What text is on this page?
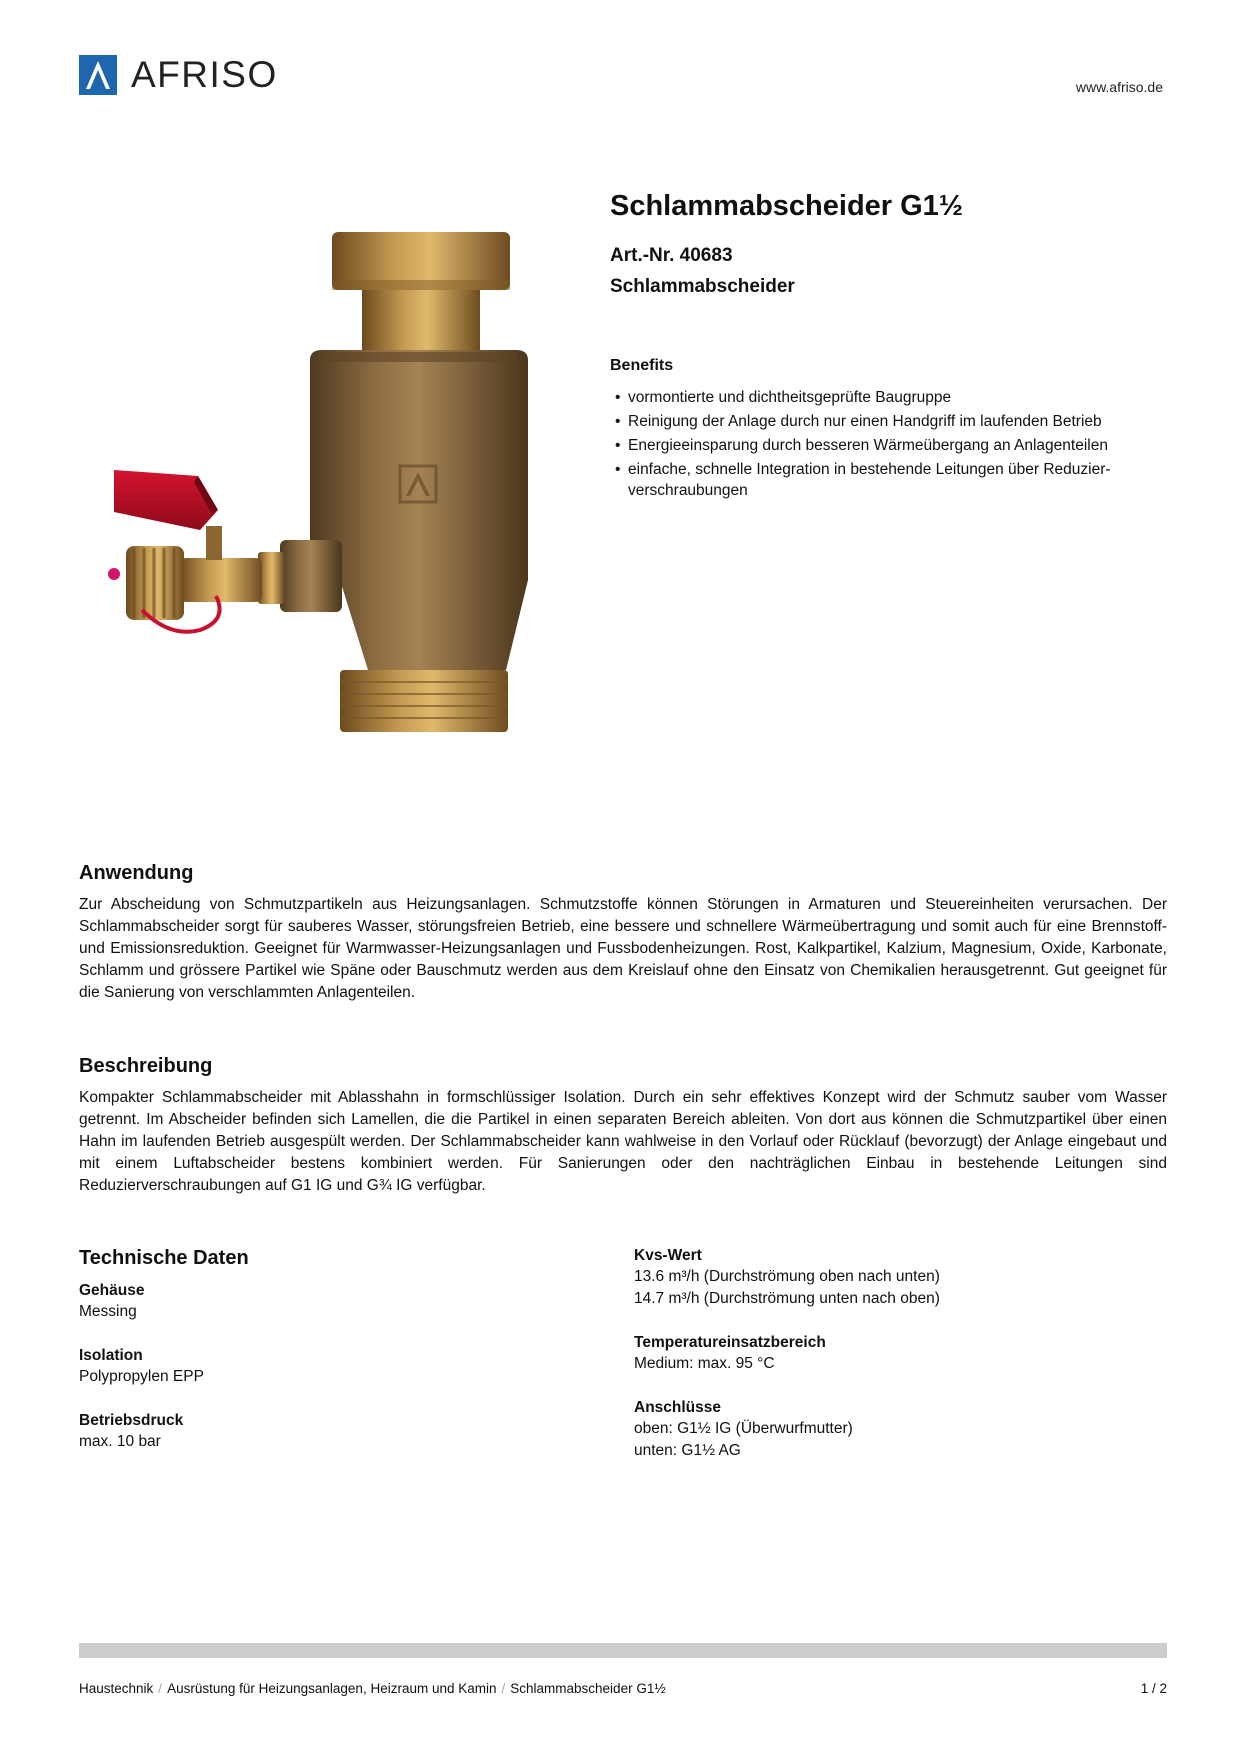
AFRISO	www.afriso.de
Schlammabscheider G1½
Art.-Nr. 40683
Schlammabscheider
Benefits
• vormontierte und dichtheitsgeprüfte Baugruppe
• Reinigung der Anlage durch nur einen Handgriff im laufenden Betrieb
• Energieeinsparung durch besseren Wärmeübergang an Anlagenteilen
• einfache, schnelle Integration in bestehende Leitungen über Reduzier-verschraubungen
Anwendung

Zur Abscheidung von Schmutzpartikeln aus Heizungsanlagen. Schmutzstoffe können Störungen in Armaturen und Steuereinheiten verursachen. Der Schlammabscheider sorgt für sauberes Wasser, störungsfreien Betrieb, eine bessere und schnellere Wärmeübertragung und somit auch für eine Brennstoff- und Emissionsreduktion. Geeignet für Warmwasser-Heizungsanlagen und Fussbodenheizungen. Rost, Kalkpartikel, Kalzium, Magnesium, Oxide, Karbonate, Schlamm und grössere Partikel wie Späne oder Bauschmutz werden aus dem Kreislauf ohne den Einsatz von Chemikalien herausgetrennt. Gut geeignet für die Sanierung von verschlammten Anlagenteilen.

Beschreibung

Kompakter Schlammabscheider mit Ablasshahn in formschlüssiger Isolation. Durch ein sehr effektives Konzept wird der Schmutz sauber vom Wasser getrennt. Im Abscheider befinden sich Lamellen, die die Partikel in einen separaten Bereich ableiten. Von dort aus können die Schmutzpartikel über einen Hahn im laufenden Betrieb ausgespült werden. Der Schlammabscheider kann wahlweise in den Vorlauf oder Rücklauf (bevorzugt) der Anlage eingebaut und mit einem Luftabscheider bestens kombiniert werden. Für Sanierungen oder den nachträglichen Einbau in bestehende Leitungen sind Reduzierverschraubungen auf G1 IG und G¾ IG verfügbar.

Technische Daten
Gehäuse
Messing
Isolation
Polypropylen EPP
Betriebsdruck
max. 10 bar
Kvs-Wert
13.6 m³/h (Durchströmung oben nach unten)
14.7 m³/h (Durchströmung unten nach oben)
Temperatureinsatzbereich
Medium: max. 95 °C
Anschlüsse
oben: G1½ IG (Überwurfmutter)
unten: G1½ AG
Haustechnik / Ausrüstung für Heizungsanlagen, Heizraum und Kamin / Schlammabscheider G1½	1 / 2
